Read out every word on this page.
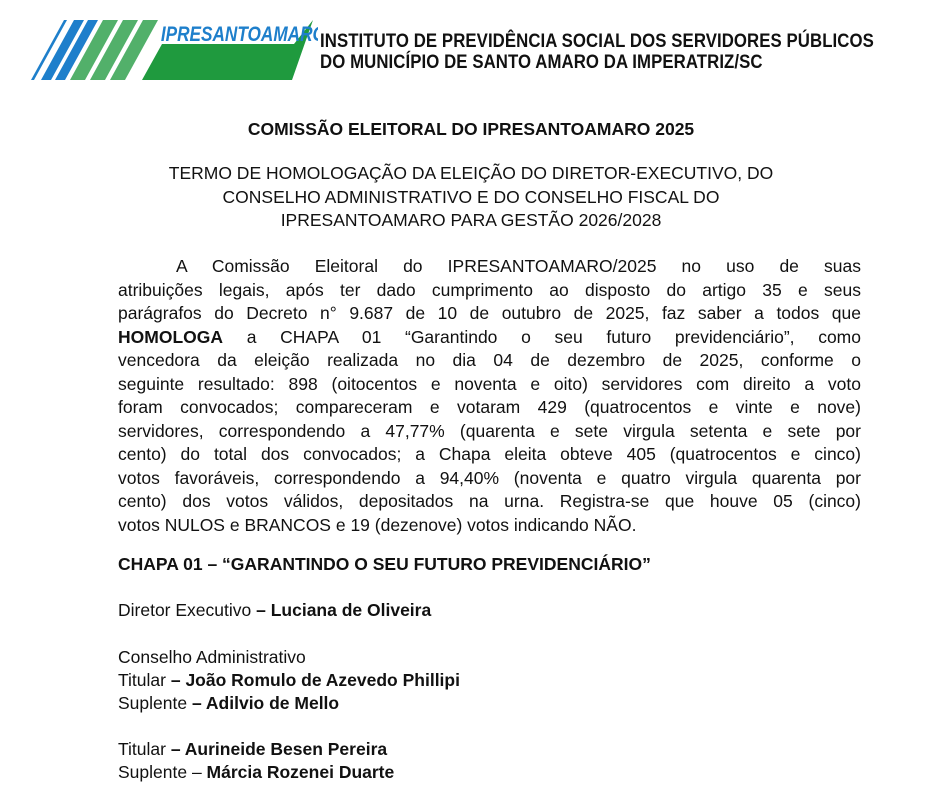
IPRESANTOAMARO
INSTITUTO DE PREVIDÊNCIA SOCIAL DOS SERVIDORES PÚBLICOS
DO MUNICÍPIO DE SANTO AMARO DA IMPERATRIZ/SC
COMISSÃO ELEITORAL DO IPRESANTOAMARO 2025
TERMO DE HOMOLOGAÇÃO DA ELEIÇÃO DO DIRETOR-EXECUTIVO, DO
CONSELHO ADMINISTRATIVO E DO CONSELHO FISCAL DO
IPRESANTOAMARO PARA GESTÃO 2026/2028
A Comissão Eleitoral do IPRESANTOAMARO/2025 no uso de suas
atribuições legais, após ter dado cumprimento ao disposto do artigo 35 e seus
parágrafos do Decreto n° 9.687 de 10 de outubro de 2025, faz saber a todos que
HOMOLOGA a CHAPA 01 “Garantindo o seu futuro previdenciário”, como
vencedora da eleição realizada no dia 04 de dezembro de 2025, conforme o
seguinte resultado: 898 (oitocentos e noventa e oito) servidores com direito a voto
foram convocados; compareceram e votaram 429 (quatrocentos e vinte e nove)
servidores, correspondendo a 47,77% (quarenta e sete virgula setenta e sete por
cento) do total dos convocados; a Chapa eleita obteve 405 (quatrocentos e cinco)
votos favoráveis, correspondendo a 94,40% (noventa e quatro virgula quarenta por
cento) dos votos válidos, depositados na urna. Registra-se que houve 05 (cinco)
votos NULOS e BRANCOS e 19 (dezenove) votos indicando NÃO.
CHAPA 01 – “GARANTINDO O SEU FUTURO PREVIDENCIÁRIO”
Diretor Executivo – Luciana de Oliveira
Conselho Administrativo
Titular – João Romulo de Azevedo Phillipi
Suplente – Adilvio de Mello
Titular – Aurineide Besen Pereira
Suplente – Márcia Rozenei Duarte
